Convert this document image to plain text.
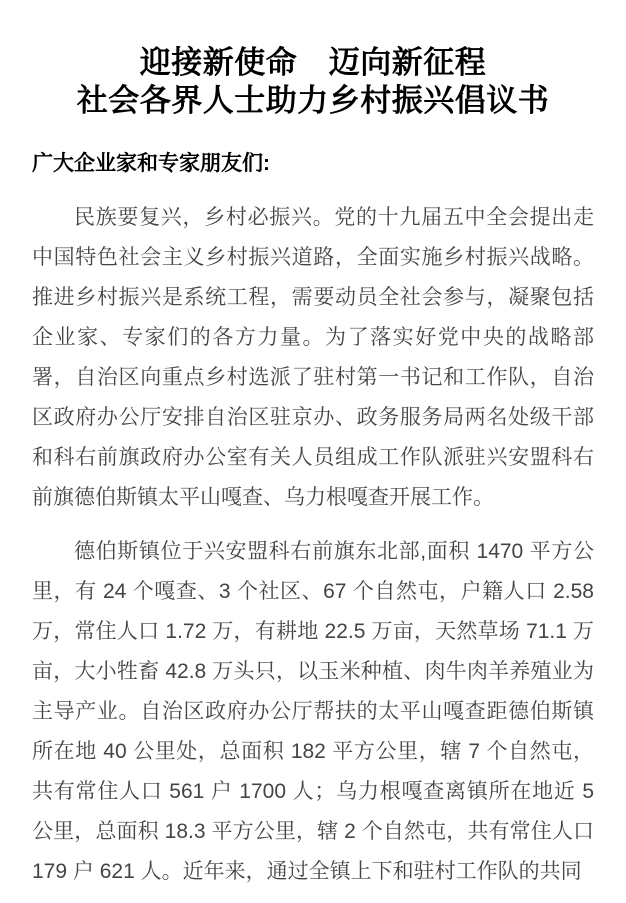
迎接新使命　迈向新征程
社会各界人士助力乡村振兴倡议书

广大企业家和专家朋友们:

民族要复兴，乡村必振兴。党的十九届五中全会提出走中国特色社会主义乡村振兴道路，全面实施乡村振兴战略。推进乡村振兴是系统工程，需要动员全社会参与，凝聚包括企业家、专家们的各方力量。为了落实好党中央的战略部署，自治区向重点乡村选派了驻村第一书记和工作队，自治区政府办公厅安排自治区驻京办、政务服务局两名处级干部和科右前旗政府办公室有关人员组成工作队派驻兴安盟科右前旗德伯斯镇太平山嘎查、乌力根嘎查开展工作。

德伯斯镇位于兴安盟科右前旗东北部,面积 1470 平方公里，有 24 个嘎查、3 个社区、67 个自然屯，户籍人口 2.58 万，常住人口 1.72 万，有耕地 22.5 万亩，天然草场 71.1 万亩，大小牲畜 42.8 万头只，以玉米种植、肉牛肉羊养殖业为主导产业。自治区政府办公厅帮扶的太平山嘎查距德伯斯镇所在地 40 公里处，总面积 182 平方公里，辖 7 个自然屯，共有常住人口 561 户 1700 人；乌力根嘎查离镇所在地近 5 公里，总面积 18.3 平方公里，辖 2 个自然屯，共有常住人口 179 户 621 人。近年来，通过全镇上下和驻村工作队的共同
